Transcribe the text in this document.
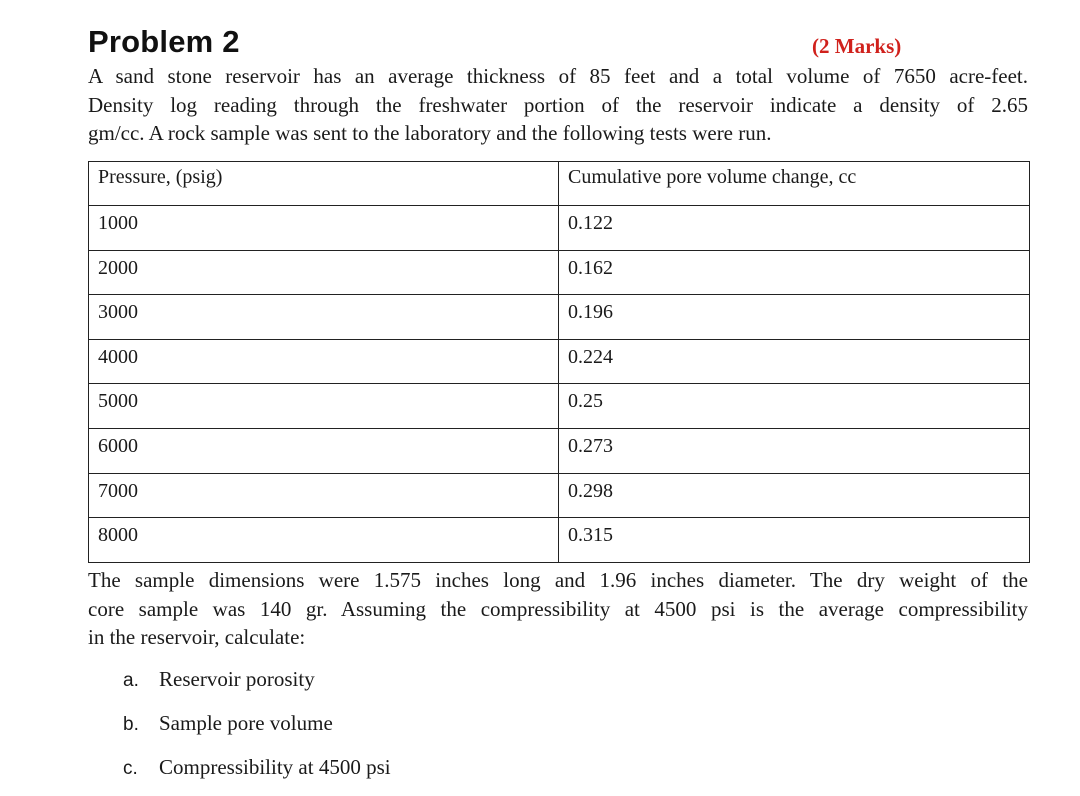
Problem 2	(2 Marks)

A sand stone reservoir has an average thickness of 85 feet and a total volume of 7650 acre-feet.
Density log reading through the freshwater portion of the reservoir indicate a density of 2.65
gm/cc. A rock sample was sent to the laboratory and the following tests were run.

Pressure, (psig)	Cumulative pore volume change, cc
1000	0.122
2000	0.162
3000	0.196
4000	0.224
5000	0.25
6000	0.273
7000	0.298
8000	0.315

The sample dimensions were 1.575 inches long and 1.96 inches diameter. The dry weight of the
core sample was 140 gr. Assuming the compressibility at 4500 psi is the average compressibility
in the reservoir, calculate:

a. Reservoir porosity
b. Sample pore volume
c. Compressibility at 4500 psi
